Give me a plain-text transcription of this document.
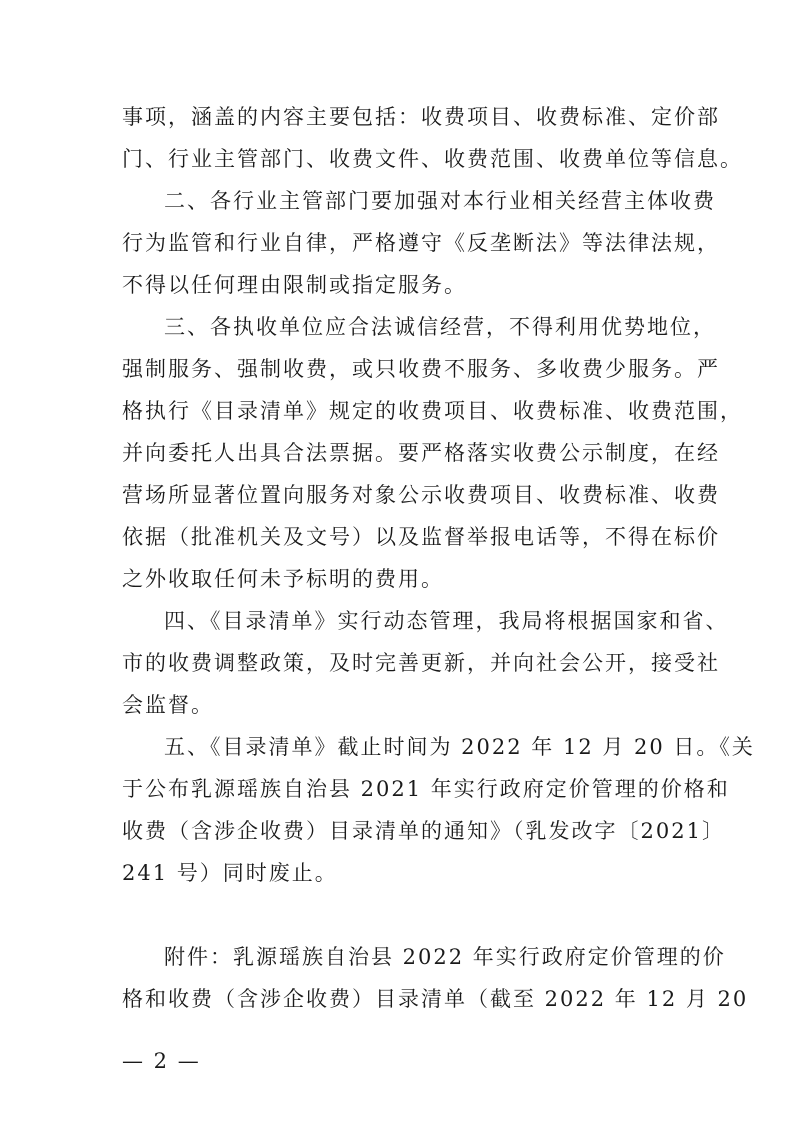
事项，涵盖的内容主要包括：收费项目、收费标准、定价部
门、行业主管部门、收费文件、收费范围、收费单位等信息。
二、各行业主管部门要加强对本行业相关经营主体收费
行为监管和行业自律，严格遵守《反垄断法》等法律法规，
不得以任何理由限制或指定服务。
三、各执收单位应合法诚信经营，不得利用优势地位，
强制服务、强制收费，或只收费不服务、多收费少服务。严
格执行《目录清单》规定的收费项目、收费标准、收费范围，
并向委托人出具合法票据。要严格落实收费公示制度，在经
营场所显著位置向服务对象公示收费项目、收费标准、收费
依据（批准机关及文号）以及监督举报电话等，不得在标价
之外收取任何未予标明的费用。
四、《目录清单》实行动态管理，我局将根据国家和省、
市的收费调整政策，及时完善更新，并向社会公开，接受社
会监督。
五、《目录清单》截止时间为 2022 年 12 月 20 日。《关
于公布乳源瑶族自治县 2021 年实行政府定价管理的价格和
收费（含涉企收费）目录清单的通知》（乳发改字〔2021〕
241 号）同时废止。
附件：乳源瑶族自治县 2022 年实行政府定价管理的价
格和收费（含涉企收费）目录清单（截至 2022 年 12 月 20
— 2 —
